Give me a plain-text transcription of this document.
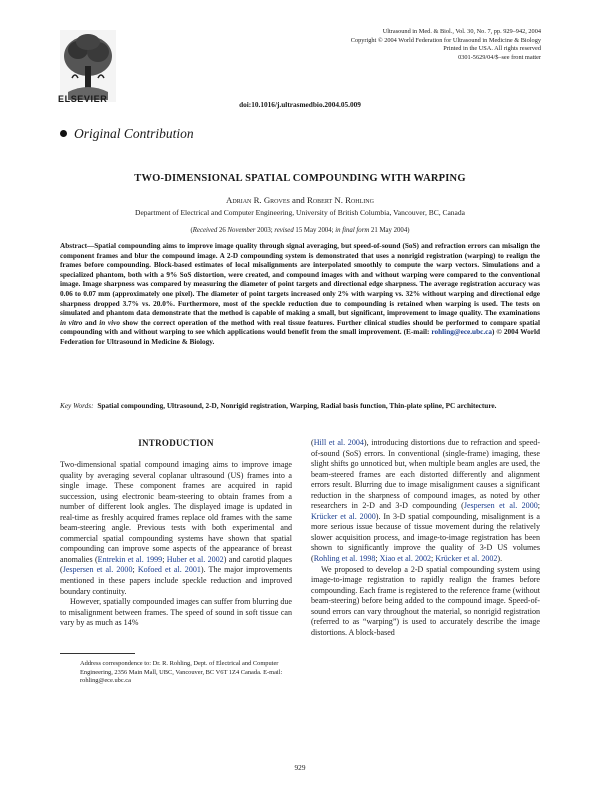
ELSEVIER
Ultrasound in Med. & Biol., Vol. 30, No. 7, pp. 929–942, 2004
Copyright © 2004 World Federation for Ultrasound in Medicine & Biology
Printed in the USA. All rights reserved
0301-5629/04/$–see front matter
doi:10.1016/j.ultrasmedbio.2004.05.009
Original Contribution
TWO-DIMENSIONAL SPATIAL COMPOUNDING WITH WARPING
Adrian R. Groves and Robert N. Rohling
Department of Electrical and Computer Engineering, University of British Columbia, Vancouver, BC, Canada
(Received 26 November 2003; revised 15 May 2004; in final form 21 May 2004)
Abstract—Spatial compounding aims to improve image quality through signal averaging, but speed-of-sound (SoS) and refraction errors can misalign the component frames and blur the compound image. A 2-D compounding system is demonstrated that uses a nonrigid registration (warping) to realign the frames before compounding. Block-based estimates of local misalignments are interpolated smoothly to compute the warp vectors. Simulations and a specialized phantom, both with a 9% SoS distortion, were created, and compound images with and without warping were compared to the conventional image. Image sharpness was compared by measuring the diameter of point targets and directional edge sharpness. The average registration accuracy was 0.06 to 0.07 mm (approximately one pixel). The diameter of point targets increased only 2% with warping vs. 32% without warping and directional edge sharpness dropped 3.7% vs. 20.0%. Furthermore, most of the speckle reduction due to compounding is retained when warping is used. The tests on simulated and phantom data demonstrate that the method is capable of making a small, but significant, improvement to image quality. The examinations in vitro and in vivo show the correct operation of the method with real tissue features. Further clinical studies should be performed to compare spatial compounding with and without warping to see which applications would benefit from the small improvement. (E-mail: rohling@ece.ubc.ca) © 2004 World Federation for Ultrasound in Medicine & Biology.
Key Words: Spatial compounding, Ultrasound, 2-D, Nonrigid registration, Warping, Radial basis function, Thin-plate spline, PC architecture.
INTRODUCTION

Two-dimensional spatial compound imaging aims to improve image quality by averaging several coplanar ultrasound (US) frames into a single image. These component frames are acquired in rapid succession, using electronic beam-steering to obtain frames from a number of different look angles. The displayed image is updated in real-time as freshly acquired frames replace old frames with the same beam-steering angle. Previous tests with both experimental and commercial spatial compounding systems have shown that spatial compounding can improve some aspects of the appearance of breast anomalies (Entrekin et al. 1999; Huber et al. 2002) and carotid plaques (Jespersen et al. 2000; Kofoed et al. 2001). The major improvements mentioned in these papers include speckle reduction and improved boundary continuity.

However, spatially compounded images can suffer from blurring due to misalignment between frames. The speed of sound in soft tissue can vary by as much as 14%

(Hill et al. 2004), introducing distortions due to refraction and speed-of-sound (SoS) errors. In conventional (single-frame) imaging, these slight shifts go unnoticed but, when multiple beam angles are used, the beam-steered frames are each distorted differently and alignment errors result. Blurring due to image misalignment causes a significant reduction in the sharpness of compound images, as noted by other researchers in 2-D and 3-D compounding (Jespersen et al. 2000; Krücker et al. 2000). In 3-D spatial compounding, misalignment is a more serious issue because of tissue movement during the relatively slower acquisition process, and image-to-image registration has been shown to significantly improve the quality of 3-D US volumes (Rohling et al. 1998; Xiao et al. 2002; Krücker et al. 2002).

We proposed to develop a 2-D spatial compounding system using image-to-image registration to rapidly realign the frames before compounding. Each frame is registered to the reference frame (without beam-steering) before being added to the compound image. Speed-of-sound errors can vary throughout the material, so nonrigid registration (referred to as “warping”) is used to accurately describe the image distortions. A block-based

Address correspondence to: Dr. R. Rohling, Dept. of Electrical and Computer Engineering, 2356 Main Mall, UBC, Vancouver, BC V6T 1Z4 Canada. E-mail: rohling@ece.ubc.ca
929
